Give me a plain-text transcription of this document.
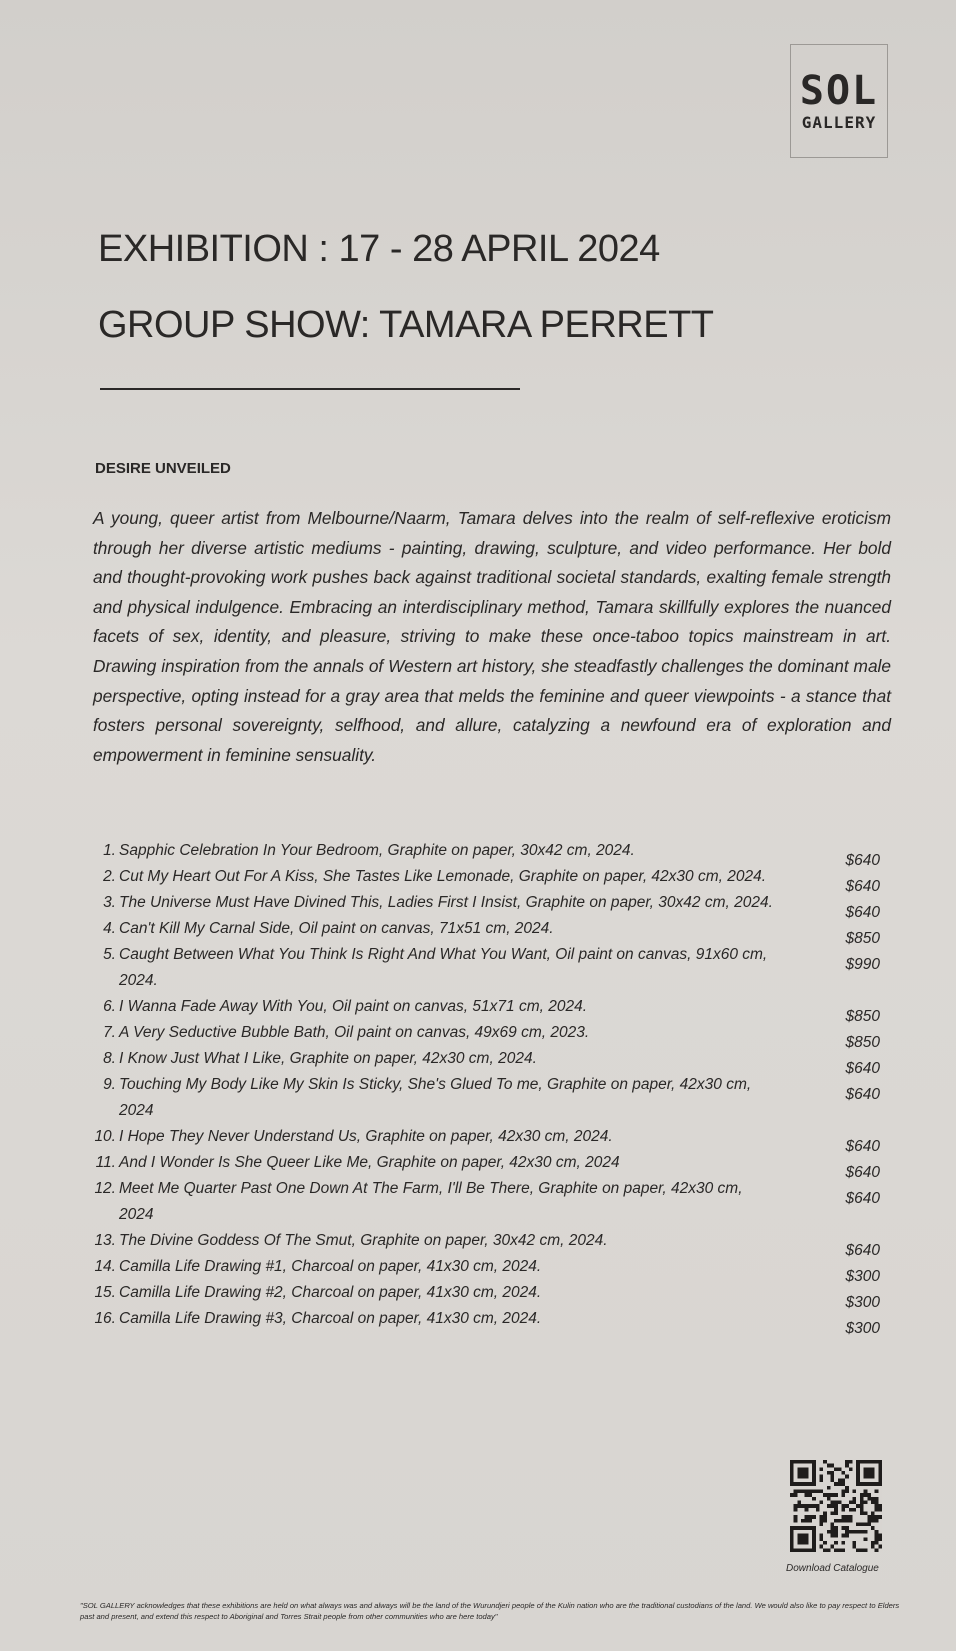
SOL
GALLERY
EXHIBITION : 17 - 28 APRIL 2024
GROUP SHOW: TAMARA PERRETT
DESIRE UNVEILED

A young, queer artist from Melbourne/Naarm, Tamara delves into the realm of self-reflexive eroticism through her diverse artistic mediums - painting, drawing, sculpture, and video performance. Her bold and thought-provoking work pushes back against traditional societal standards, exalting female strength and physical indulgence. Embracing an interdisciplinary method, Tamara skillfully explores the nuanced facets of sex, identity, and pleasure, striving to make these once-taboo topics mainstream in art. Drawing inspiration from the annals of Western art history, she steadfastly challenges the dominant male perspective, opting instead for a gray area that melds the feminine and queer viewpoints - a stance that fosters personal sovereignty, selfhood, and allure, catalyzing a newfound era of exploration and empowerment in feminine sensuality.

1. Sapphic Celebration In Your Bedroom, Graphite on paper, 30x42 cm, 2024.
$640
2. Cut My Heart Out For A Kiss, She Tastes Like Lemonade, Graphite on paper, 42x30 cm, 2024.
$640
3. The Universe Must Have Divined This, Ladies First I Insist, Graphite on paper, 30x42 cm, 2024.
$640
4. Can't Kill My Carnal Side, Oil paint on canvas, 71x51 cm, 2024.
$850
5. Caught Between What You Think Is Right And What You Want, Oil paint on canvas, 91x60 cm, 2024.
$990
6. I Wanna Fade Away With You, Oil paint on canvas, 51x71 cm, 2024.
$850
7. A Very Seductive Bubble Bath, Oil paint on canvas, 49x69 cm, 2023.
$850
8. I Know Just What I Like, Graphite on paper, 42x30 cm, 2024.
$640
9. Touching My Body Like My Skin Is Sticky, She's Glued To me, Graphite on paper, 42x30 cm, 2024
$640
10. I Hope They Never Understand Us, Graphite on paper, 42x30 cm, 2024.
$640
11. And I Wonder Is She Queer Like Me, Graphite on paper, 42x30 cm, 2024
$640
12. Meet Me Quarter Past One Down At The Farm, I'll Be There, Graphite on paper, 42x30 cm, 2024
$640
13. The Divine Goddess Of The Smut, Graphite on paper, 30x42 cm, 2024.
$640
14. Camilla Life Drawing #1, Charcoal on paper, 41x30 cm, 2024.
$300
15. Camilla Life Drawing #2, Charcoal on paper, 41x30 cm, 2024.
$300
16. Camilla Life Drawing #3, Charcoal on paper, 41x30 cm, 2024.
$300
Download Catalogue

"SOL GALLERY acknowledges that these exhibitions are held on what always was and always will be the land of the Wurundjeri people of the Kulin nation who are the traditional custodians of the land. We would also like to pay respect to Elders past and present, and extend this respect to Aboriginal and Torres Strait people from other communities who are here today"
